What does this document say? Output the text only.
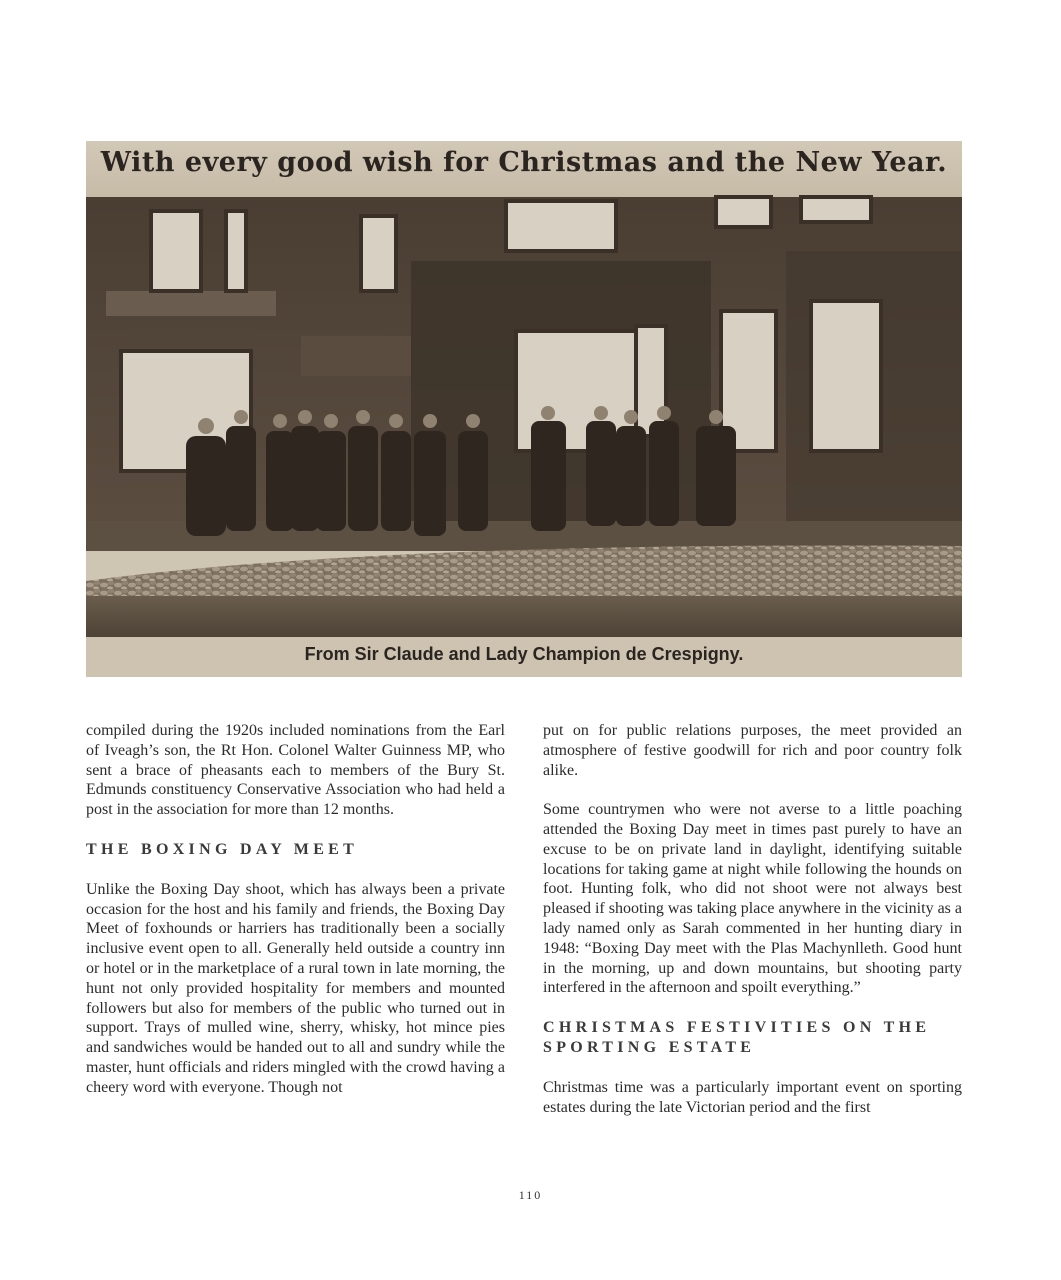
With every good wish for Christmas and the New Year.
From Sir Claude and Lady Champion de Crespigny.

compiled during the 1920s included nominations from the Earl of Iveagh’s son, the Rt Hon. Colonel Walter Guinness MP, who sent a brace of pheasants each to members of the Bury St. Edmunds constituency Conservative Association who had held a post in the association for more than 12 months.

THE BOXING DAY MEET

Unlike the Boxing Day shoot, which has always been a private occasion for the host and his family and friends, the Boxing Day Meet of foxhounds or harriers has traditionally been a socially inclusive event open to all. Generally held outside a country inn or hotel or in the marketplace of a rural town in late morning, the hunt not only provided hospitality for members and mounted followers but also for members of the public who turned out in support. Trays of mulled wine, sherry, whisky, hot mince pies and sandwiches would be handed out to all and sundry while the master, hunt officials and riders mingled with the crowd having a cheery word with everyone. Though not

put on for public relations purposes, the meet provided an atmosphere of festive goodwill for rich and poor country folk alike.

Some countrymen who were not averse to a little poaching attended the Boxing Day meet in times past purely to have an excuse to be on private land in daylight, identifying suitable locations for taking game at night while following the hounds on foot. Hunting folk, who did not shoot were not always best pleased if shooting was taking place anywhere in the vicinity as a lady named only as Sarah commented in her hunting diary in 1948: “Boxing Day meet with the Plas Machynlleth. Good hunt in the morning, up and down mountains, but shooting party interfered in the afternoon and spoilt everything.”

CHRISTMAS FESTIVITIES ON THE SPORTING ESTATE

Christmas time was a particularly important event on sporting estates during the late Victorian period and the first

110
